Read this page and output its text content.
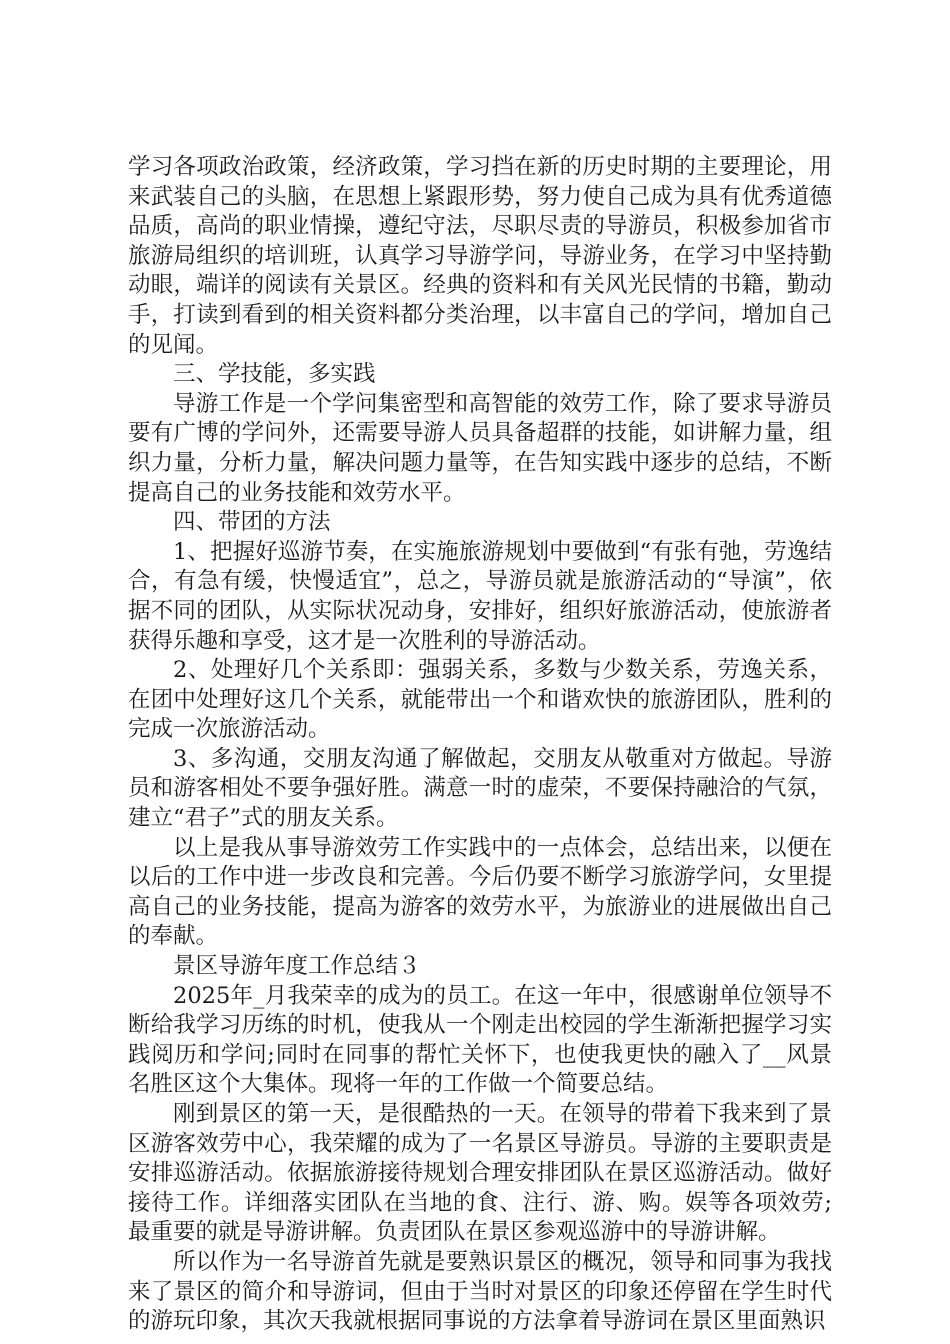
学习各项政治政策，经济政策，学习挡在新的历史时期的主要理论，用来武装自己的头脑，在思想上紧跟形势，努力使自己成为具有优秀道德品质，高尚的职业情操，遵纪守法，尽职尽责的导游员，积极参加省市旅游局组织的培训班，认真学习导游学问，导游业务，在学习中坚持勤动眼，端详的阅读有关景区。经典的资料和有关风光民情的书籍，勤动手，打读到看到的相关资料都分类治理，以丰富自己的学问，增加自己的见闻。

三、学技能，多实践

导游工作是一个学问集密型和高智能的效劳工作，除了要求导游员要有广博的学问外，还需要导游人员具备超群的技能，如讲解力量，组织力量，分析力量，解决问题力量等，在告知实践中逐步的总结，不断提高自己的业务技能和效劳水平。

四、带团的方法

1、把握好巡游节奏，在实施旅游规划中要做到“有张有弛，劳逸结合，有急有缓，快慢适宜”，总之，导游员就是旅游活动的“导演”，依据不同的团队，从实际状况动身，安排好，组织好旅游活动，使旅游者获得乐趣和享受，这才是一次胜利的导游活动。

2、处理好几个关系即：强弱关系，多数与少数关系，劳逸关系，在团中处理好这几个关系，就能带出一个和谐欢快的旅游团队，胜利的完成一次旅游活动。

3、多沟通，交朋友沟通了解做起，交朋友从敬重对方做起。导游员和游客相处不要争强好胜。满意一时的虚荣，不要保持融洽的气氛，建立“君子”式的朋友关系。

以上是我从事导游效劳工作实践中的一点体会，总结出来，以便在以后的工作中进一步改良和完善。今后仍要不断学习旅游学问，女里提高自己的业务技能，提高为游客的效劳水平，为旅游业的进展做出自己的奉献。

景区导游年度工作总结３

2025年_月我荣幸的成为的员工。在这一年中，很感谢单位领导不断给我学习历练的时机，使我从一个刚走出校园的学生渐渐把握学习实践阅历和学问;同时在同事的帮忙关怀下，也使我更快的融入了__风景名胜区这个大集体。现将一年的工作做一个简要总结。

刚到景区的第一天，是很酷热的一天。在领导的带着下我来到了景区游客效劳中心，我荣耀的成为了一名景区导游员。导游的主要职责是安排巡游活动。依据旅游接待规划合理安排团队在景区巡游活动。做好接待工作。详细落实团队在当地的食、注行、游、购。娱等各项效劳;最重要的就是导游讲解。负责团队在景区参观巡游中的导游讲解。

所以作为一名导游首先就是要熟识景区的概况，领导和同事为我找来了景区的简介和导游词，但由于当时对景区的印象还停留在学生时代的游玩印象，其次天我就根据同事说的方法拿着导游词在景区里面熟识
